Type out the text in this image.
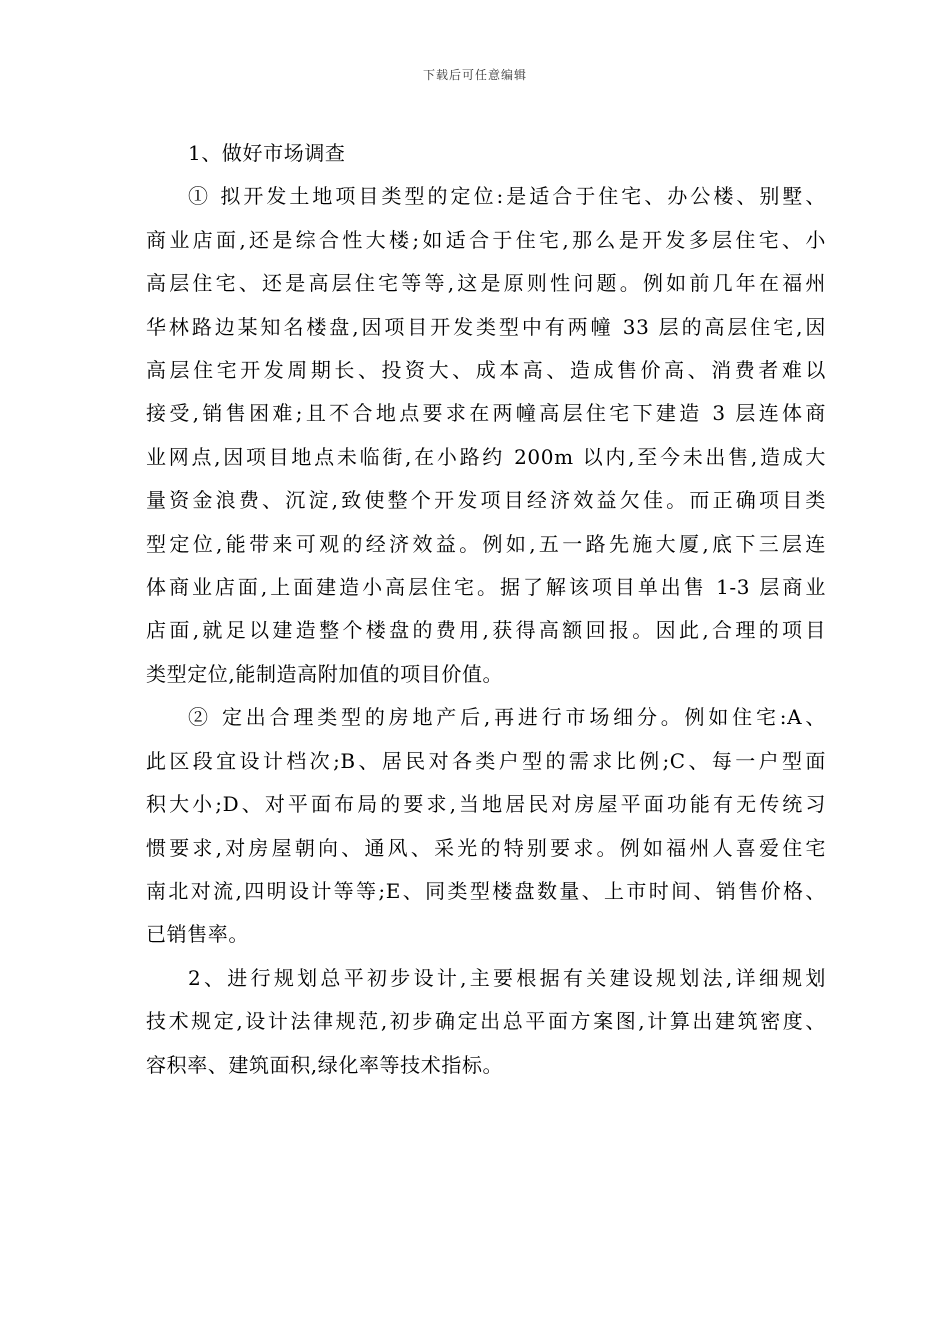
下载后可任意编辑

1、做好市场调查

① 拟开发土地项目类型的定位:是适合于住宅、办公楼、别墅、
商业店面,还是综合性大楼;如适合于住宅,那么是开发多层住宅、小
高层住宅、还是高层住宅等等,这是原则性问题。例如前几年在福州
华林路边某知名楼盘,因项目开发类型中有两幢 33 层的高层住宅,因
高层住宅开发周期长、投资大、成本高、造成售价高、消费者难以
接受,销售困难;且不合地点要求在两幢高层住宅下建造 3 层连体商
业网点,因项目地点未临街,在小路约 200m 以内,至今未出售,造成大
量资金浪费、沉淀,致使整个开发项目经济效益欠佳。而正确项目类
型定位,能带来可观的经济效益。例如,五一路先施大厦,底下三层连
体商业店面,上面建造小高层住宅。据了解该项目单出售 1-3 层商业
店面,就足以建造整个楼盘的费用,获得高额回报。因此,合理的项目
类型定位,能制造高附加值的项目价值。

② 定出合理类型的房地产后,再进行市场细分。例如住宅:A、
此区段宜设计档次;B、居民对各类户型的需求比例;C、每一户型面
积大小;D、对平面布局的要求,当地居民对房屋平面功能有无传统习
惯要求,对房屋朝向、通风、采光的特别要求。例如福州人喜爱住宅
南北对流,四明设计等等;E、同类型楼盘数量、上市时间、销售价格、
已销售率。

2、进行规划总平初步设计,主要根据有关建设规划法,详细规划
技术规定,设计法律规范,初步确定出总平面方案图,计算出建筑密度、
容积率、建筑面积,绿化率等技术指标。
